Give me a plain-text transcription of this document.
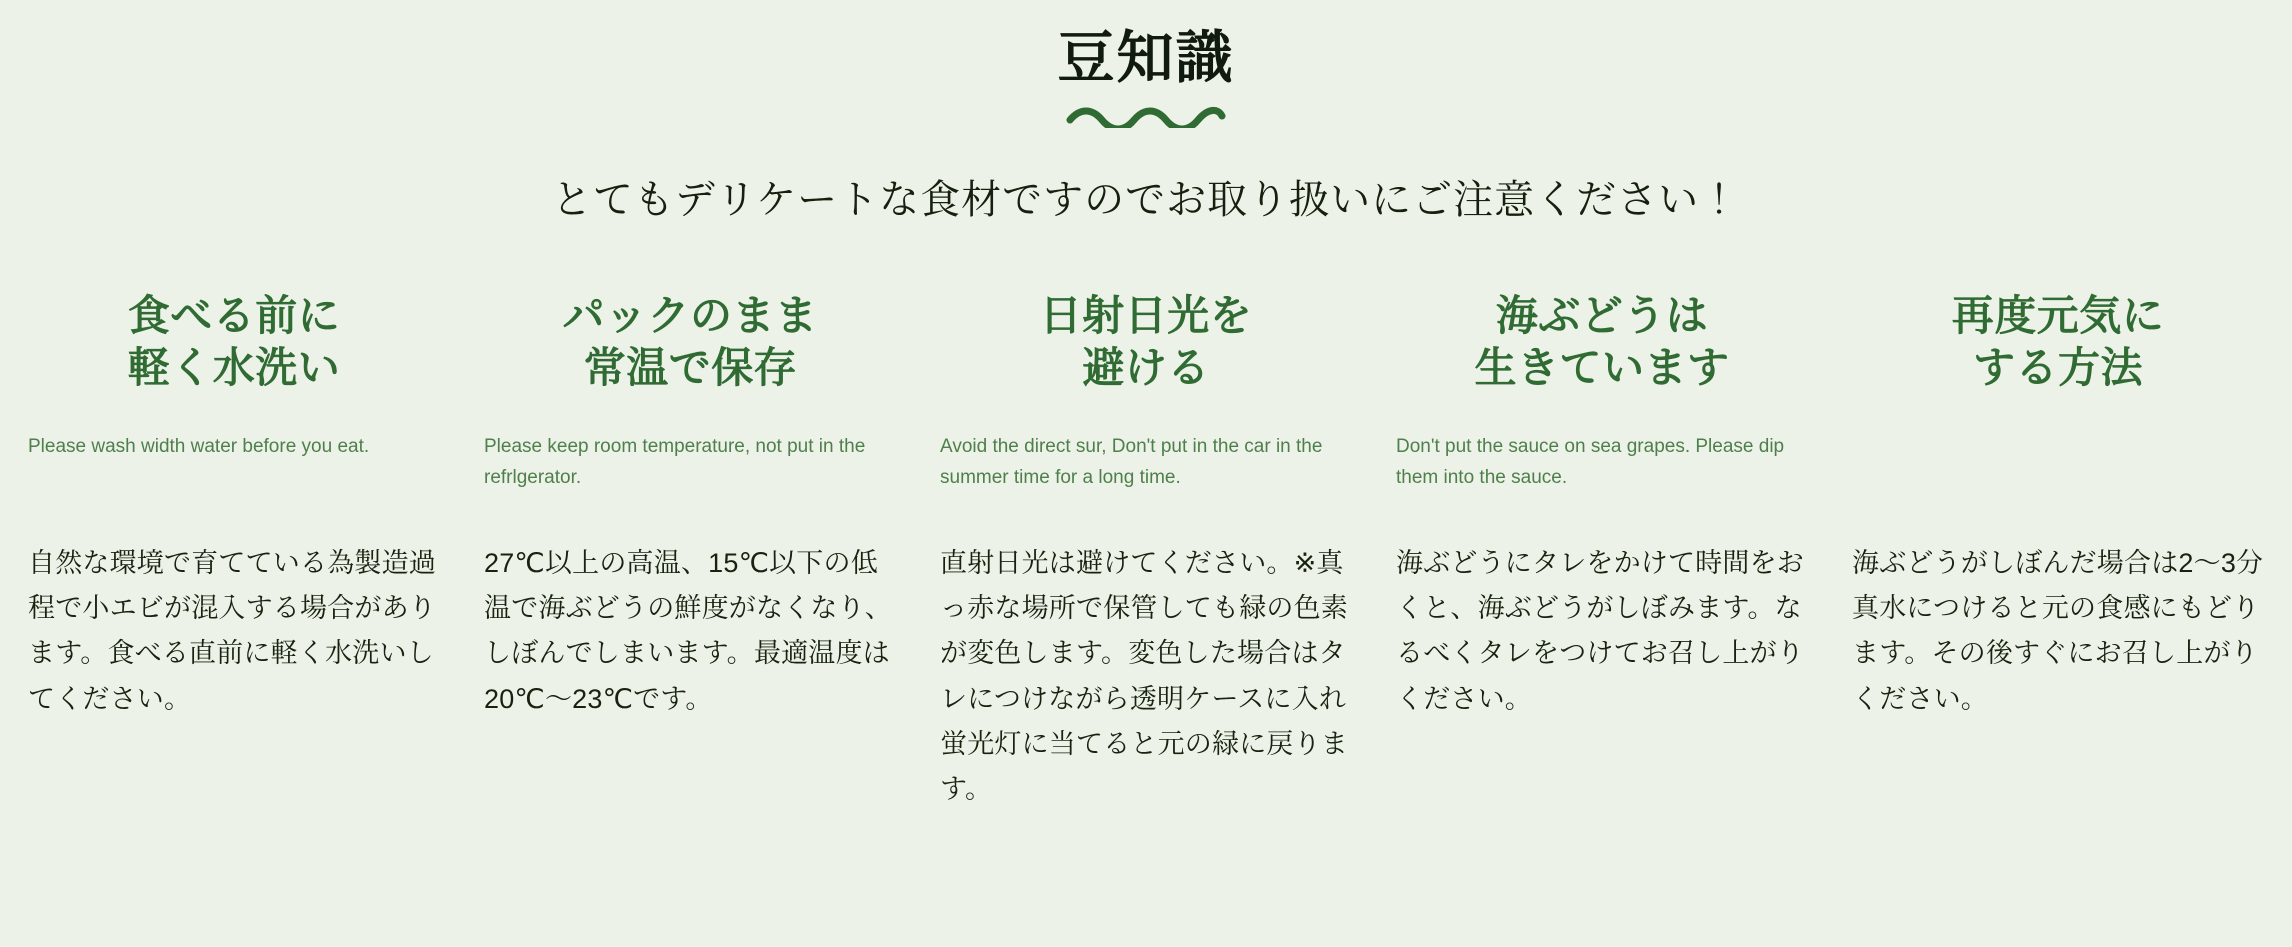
豆知識

とてもデリケートな食材ですのでお取り扱いにご注意ください！

食べる前に
軽く水洗い

Please wash width water before you eat.

自然な環境で育てている為製造過程で小エビが混入する場合があります。食べる直前に軽く水洗いしてください。

パックのまま
常温で保存

Please keep room temperature, not put in the refrlgerator.

27℃以上の高温、15℃以下の低温で海ぶどうの鮮度がなくなり、しぼんでしまいます。最適温度は20℃〜23℃です。

日射日光を
避ける

Avoid the direct sur, Don't put in the car in the summer time for a long time.

直射日光は避けてください。※真っ赤な場所で保管しても緑の色素が変色します。変色した場合はタレにつけながら透明ケースに入れ蛍光灯に当てると元の緑に戻ります。

海ぶどうは
生きています

Don't put the sauce on sea grapes. Please dip them into the sauce.

海ぶどうにタレをかけて時間をおくと、海ぶどうがしぼみます。なるべくタレをつけてお召し上がりください。

再度元気に
する方法

海ぶどうがしぼんだ場合は2〜3分真水につけると元の食感にもどります。その後すぐにお召し上がりください。
